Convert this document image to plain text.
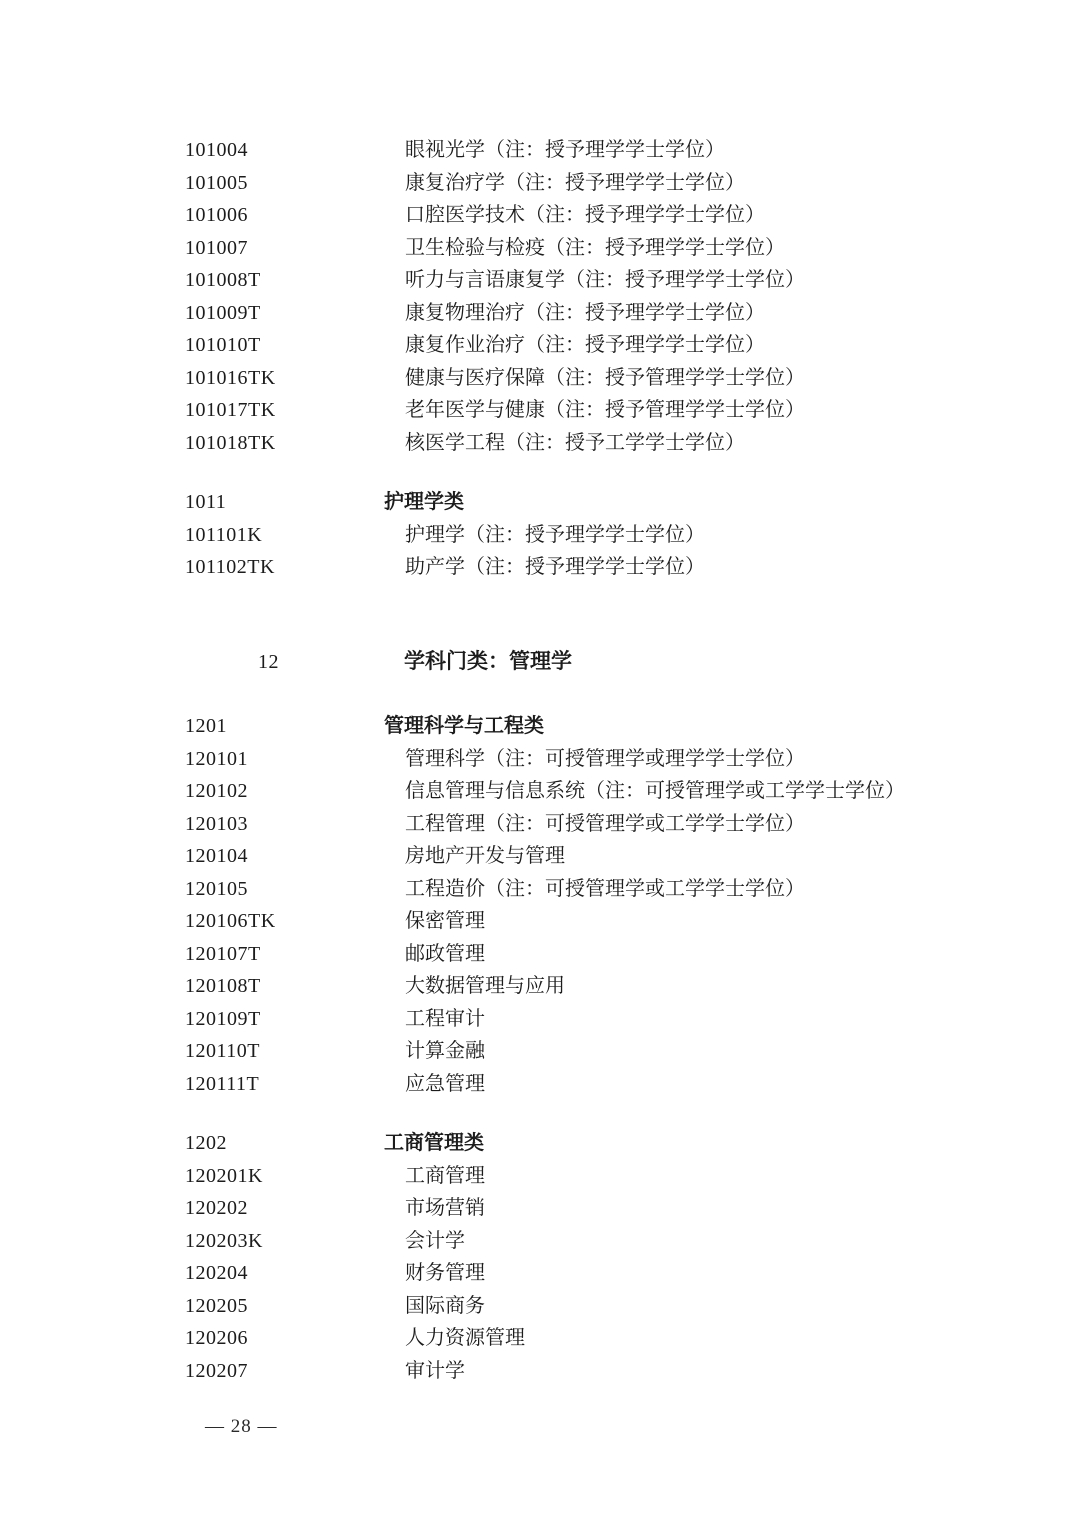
101004	眼视光学（注：授予理学学士学位）
101005	康复治疗学（注：授予理学学士学位）
101006	口腔医学技术（注：授予理学学士学位）
101007	卫生检验与检疫（注：授予理学学士学位）
101008T	听力与言语康复学（注：授予理学学士学位）
101009T	康复物理治疗（注：授予理学学士学位）
101010T	康复作业治疗（注：授予理学学士学位）
101016TK	健康与医疗保障（注：授予管理学学士学位）
101017TK	老年医学与健康（注：授予管理学学士学位）
101018TK	核医学工程（注：授予工学学士学位）
1011	护理学类
101101K	护理学（注：授予理学学士学位）
101102TK	助产学（注：授予理学学士学位）
12	学科门类：管理学
1201	管理科学与工程类
120101	管理科学（注：可授管理学或理学学士学位）
120102	信息管理与信息系统（注：可授管理学或工学学士学位）
120103	工程管理（注：可授管理学或工学学士学位）
120104	房地产开发与管理
120105	工程造价（注：可授管理学或工学学士学位）
120106TK	保密管理
120107T	邮政管理
120108T	大数据管理与应用
120109T	工程审计
120110T	计算金融
120111T	应急管理
1202	工商管理类
120201K	工商管理
120202	市场营销
120203K	会计学
120204	财务管理
120205	国际商务
120206	人力资源管理
120207	审计学
— 28 —
